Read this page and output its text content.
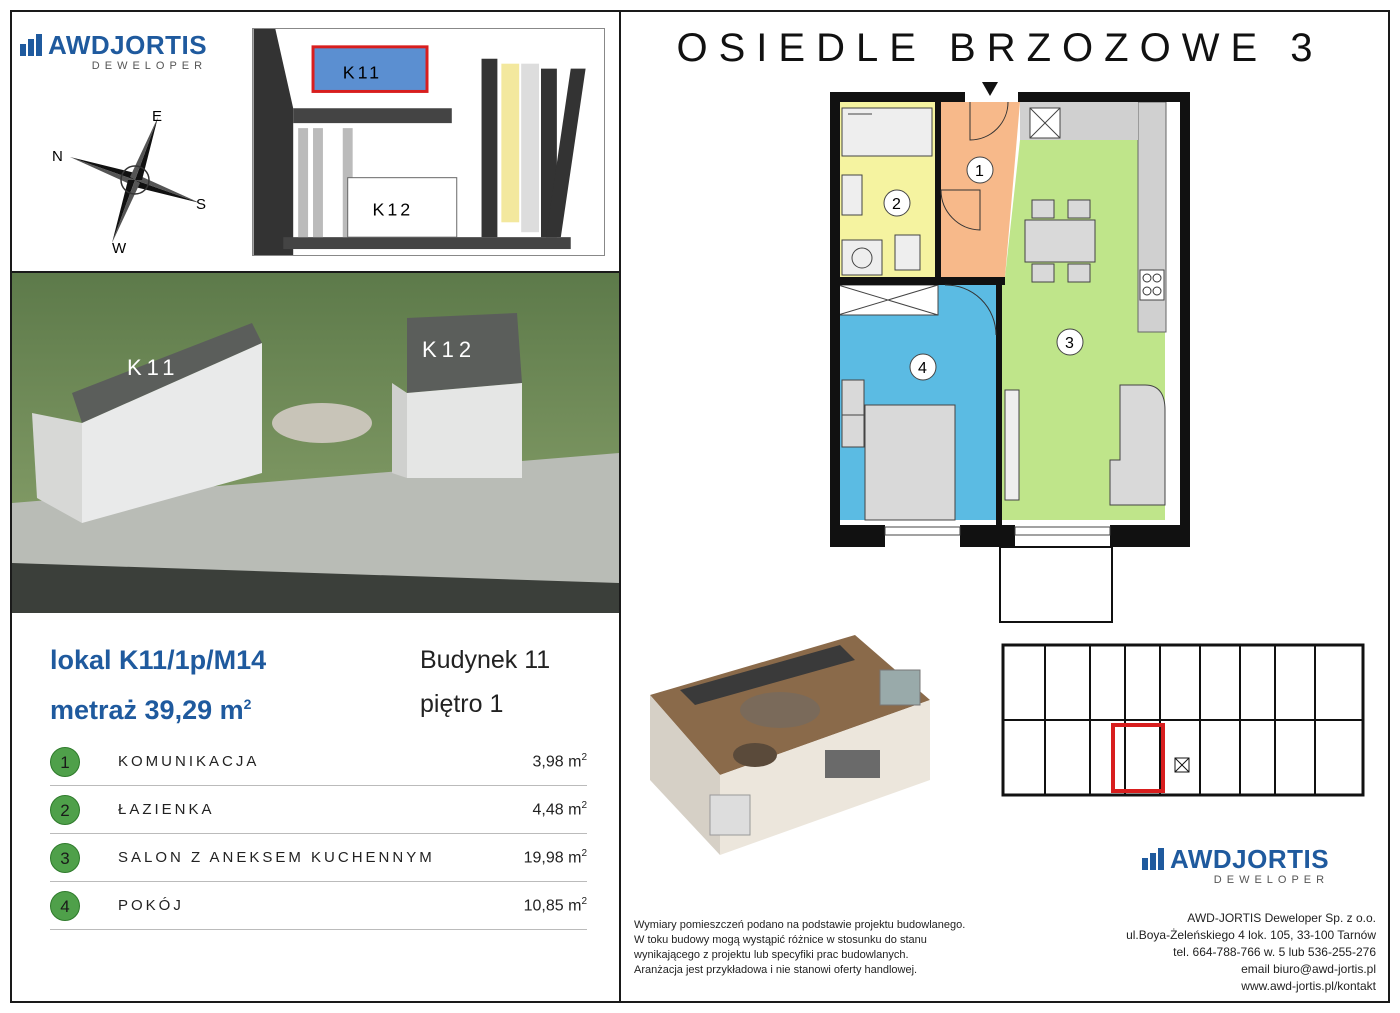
AWDJORTIS
DEWELOPER
N
E
S
W
K11
K12
K11
K12
lokal K11/1p/M14
metraż 39,29 $m^2$
Budynek 11
piętro 1
1	KOMUNIKACJA	3,98 $m^2$
2	ŁAZIENKA	4,48 $m^2$
3	SALON Z ANEKSEM KUCHENNYM	19,98 $m^2$
4	POKÓJ	10,85 $m^2$
OSIEDLE BRZOZOWE 3
1
2
3
4
Wymiary pomieszczeń podano na podstawie projektu budowlanego.
W toku budowy mogą wystąpić różnice w stosunku do stanu
wynikającego z projektu lub specyfiki prac budowlanych.
Aranżacja jest przykładowa i nie stanowi oferty handlowej.
AWDJORTIS
DEWELOPER
AWD-JORTIS Deweloper Sp. z o.o.
ul.Boya-Żeleńskiego 4 lok. 105, 33-100 Tarnów
tel. 664-788-766 w. 5 lub 536-255-276
email biuro@awd-jortis.pl
www.awd-jortis.pl/kontakt
